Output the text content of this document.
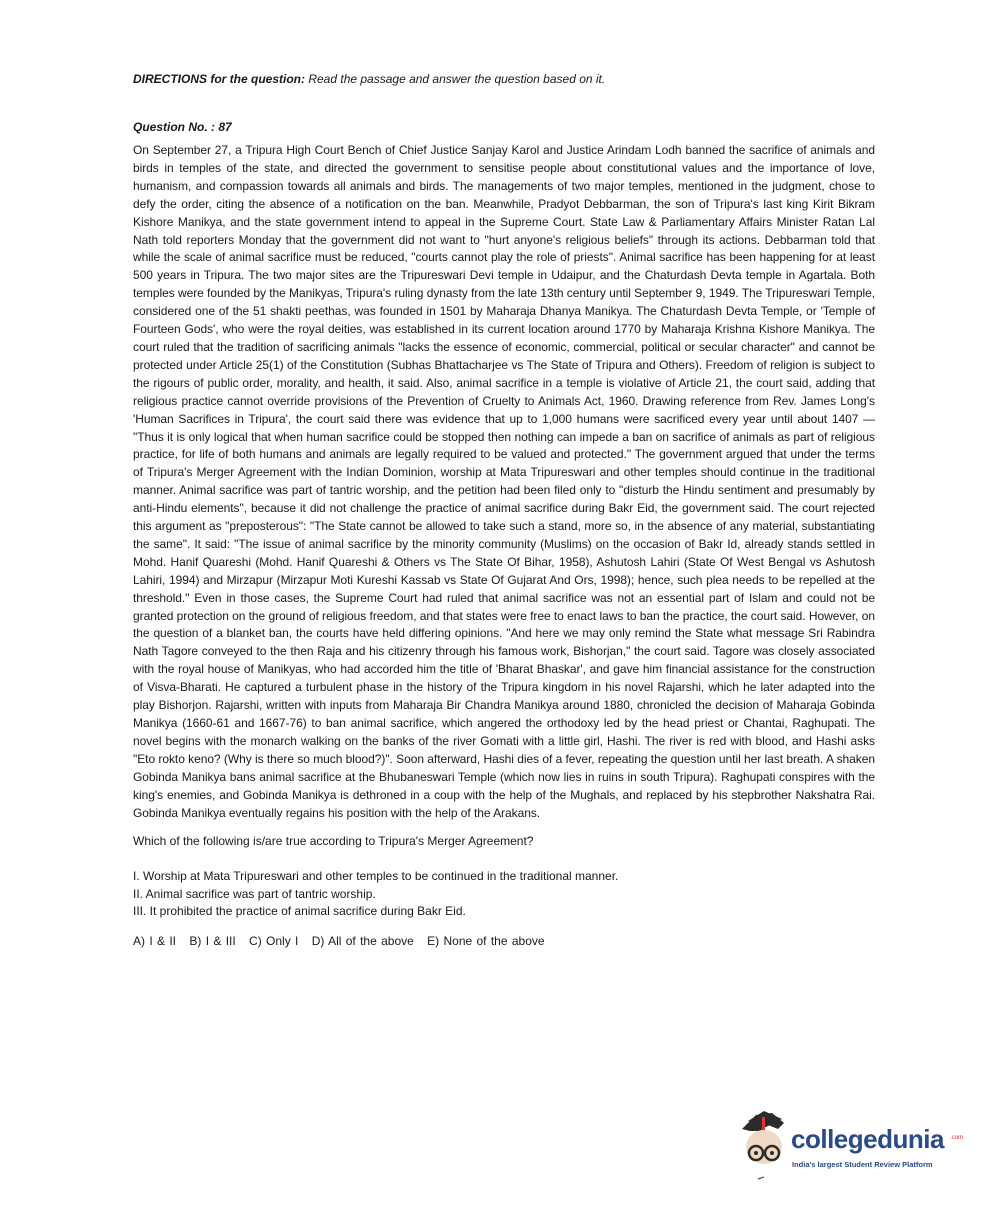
DIRECTIONS for the question: Read the passage and answer the question based on it.

Question No. : 87

On September 27, a Tripura High Court Bench of Chief Justice Sanjay Karol and Justice Arindam Lodh banned the sacrifice of animals and birds in temples of the state, and directed the government to sensitise people about constitutional values and the importance of love, humanism, and compassion towards all animals and birds. The managements of two major temples, mentioned in the judgment, chose to defy the order, citing the absence of a notification on the ban. Meanwhile, Pradyot Debbarman, the son of Tripura's last king Kirit Bikram Kishore Manikya, and the state government intend to appeal in the Supreme Court. State Law & Parliamentary Affairs Minister Ratan Lal Nath told reporters Monday that the government did not want to "hurt anyone's religious beliefs" through its actions. Debbarman told that while the scale of animal sacrifice must be reduced, "courts cannot play the role of priests". Animal sacrifice has been happening for at least 500 years in Tripura. The two major sites are the Tripureswari Devi temple in Udaipur, and the Chaturdash Devta temple in Agartala. Both temples were founded by the Manikyas, Tripura's ruling dynasty from the late 13th century until September 9, 1949. The Tripureswari Temple, considered one of the 51 shakti peethas, was founded in 1501 by Maharaja Dhanya Manikya. The Chaturdash Devta Temple, or 'Temple of Fourteen Gods', who were the royal deities, was established in its current location around 1770 by Maharaja Krishna Kishore Manikya. The court ruled that the tradition of sacrificing animals "lacks the essence of economic, commercial, political or secular character" and cannot be protected under Article 25(1) of the Constitution (Subhas Bhattacharjee vs The State of Tripura and Others). Freedom of religion is subject to the rigours of public order, morality, and health, it said. Also, animal sacrifice in a temple is violative of Article 21, the court said, adding that religious practice cannot override provisions of the Prevention of Cruelty to Animals Act, 1960. Drawing reference from Rev. James Long's 'Human Sacrifices in Tripura', the court said there was evidence that up to 1,000 humans were sacrificed every year until about 1407 — "Thus it is only logical that when human sacrifice could be stopped then nothing can impede a ban on sacrifice of animals as part of religious practice, for life of both humans and animals are legally required to be valued and protected." The government argued that under the terms of Tripura's Merger Agreement with the Indian Dominion, worship at Mata Tripureswari and other temples should continue in the traditional manner. Animal sacrifice was part of tantric worship, and the petition had been filed only to "disturb the Hindu sentiment and presumably by anti-Hindu elements", because it did not challenge the practice of animal sacrifice during Bakr Eid, the government said. The court rejected this argument as "preposterous": "The State cannot be allowed to take such a stand, more so, in the absence of any material, substantiating the same". It said: "The issue of animal sacrifice by the minority community (Muslims) on the occasion of Bakr Id, already stands settled in Mohd. Hanif Quareshi (Mohd. Hanif Quareshi & Others vs The State Of Bihar, 1958), Ashutosh Lahiri (State Of West Bengal vs Ashutosh Lahiri, 1994) and Mirzapur (Mirzapur Moti Kureshi Kassab vs State Of Gujarat And Ors, 1998); hence, such plea needs to be repelled at the threshold." Even in those cases, the Supreme Court had ruled that animal sacrifice was not an essential part of Islam and could not be granted protection on the ground of religious freedom, and that states were free to enact laws to ban the practice, the court said. However, on the question of a blanket ban, the courts have held differing opinions. "And here we may only remind the State what message Sri Rabindra Nath Tagore conveyed to the then Raja and his citizenry through his famous work, Bishorjan," the court said. Tagore was closely associated with the royal house of Manikyas, who had accorded him the title of 'Bharat Bhaskar', and gave him financial assistance for the construction of Visva-Bharati. He captured a turbulent phase in the history of the Tripura kingdom in his novel Rajarshi, which he later adapted into the play Bishorjon. Rajarshi, written with inputs from Maharaja Bir Chandra Manikya around 1880, chronicled the decision of Maharaja Gobinda Manikya (1660-61 and 1667-76) to ban animal sacrifice, which angered the orthodoxy led by the head priest or Chantai, Raghupati. The novel begins with the monarch walking on the banks of the river Gomati with a little girl, Hashi. The river is red with blood, and Hashi asks "Eto rokto keno? (Why is there so much blood?)". Soon afterward, Hashi dies of a fever, repeating the question until her last breath. A shaken Gobinda Manikya bans animal sacrifice at the Bhubaneswari Temple (which now lies in ruins in south Tripura). Raghupati conspires with the king's enemies, and Gobinda Manikya is dethroned in a coup with the help of the Mughals, and replaced by his stepbrother Nakshatra Rai. Gobinda Manikya eventually regains his position with the help of the Arakans.

Which of the following is/are true according to Tripura's Merger Agreement?

I. Worship at Mata Tripureswari and other temples to be continued in the traditional manner.
II. Animal sacrifice was part of tantric worship.
III. It prohibited the practice of animal sacrifice during Bakr Eid.
A) I & II B) I & III C) Only I D) All of the above E) None of the above
collegedunia .com
India's largest Student Review Platform
